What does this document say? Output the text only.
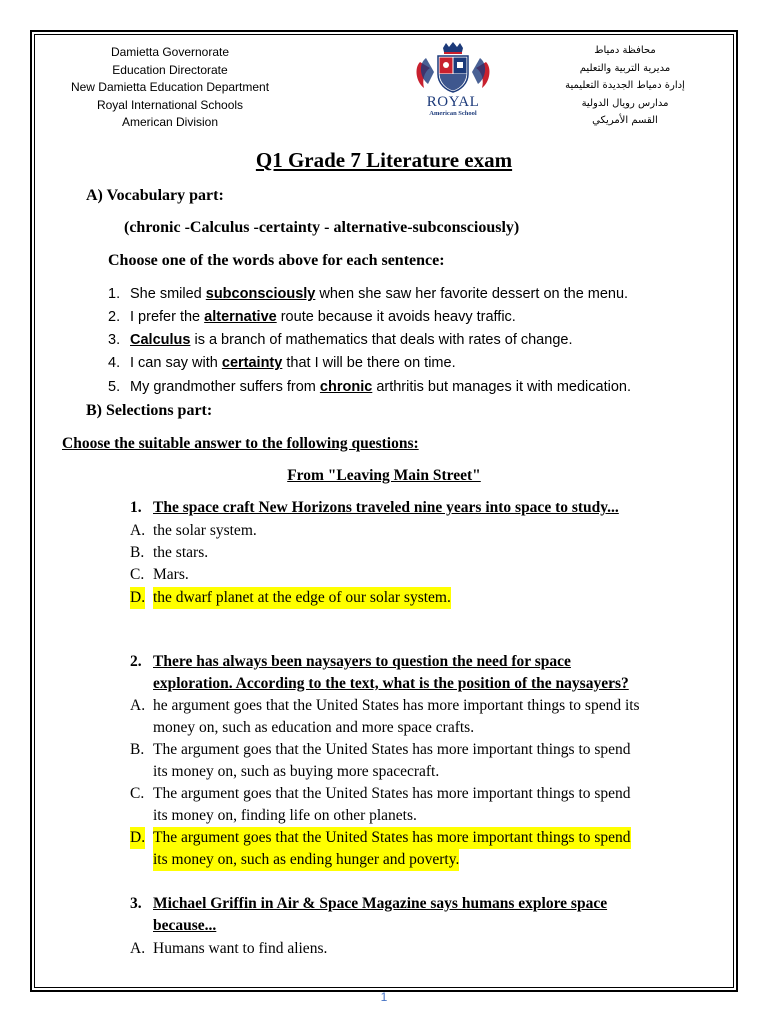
Damietta Governorate
Education Directorate
New Damietta Education Department
Royal International Schools
American Division
ROYAL
American School
محافظة دمياط
مديرية التربية والتعليم
إدارة دمياط الجديدة التعليمية
مدارس رويال الدولية
القسم الأمريكي
Q1 Grade 7 Literature exam
A) Vocabulary part:
(chronic -Calculus -certainty - alternative-subconsciously)
Choose one of the words above for each sentence:
1. She smiled subconsciously when she saw her favorite dessert on the menu.
2. I prefer the alternative route because it avoids heavy traffic.
3. Calculus is a branch of mathematics that deals with rates of change.
4. I can say with certainty that I will be there on time.
5. My grandmother suffers from chronic arthritis but manages it with medication.
B) Selections part:
Choose the suitable answer to the following questions:
From "Leaving Main Street"
1. The space craft New Horizons traveled nine years into space to study...
A. the solar system.
B. the stars.
C. Mars.
D. the dwarf planet at the edge of our solar system.
2. There has always been naysayers to question the need for space
exploration. According to the text, what is the position of the naysayers?
A. he argument goes that the United States has more important things to spend its
money on, such as education and more space crafts.
B. The argument goes that the United States has more important things to spend
its money on, such as buying more spacecraft.
C. The argument goes that the United States has more important things to spend
its money on, finding life on other planets.
D. The argument goes that the United States has more important things to spend
its money on, such as ending hunger and poverty.
3. Michael Griffin in Air & Space Magazine says humans explore space
because...
A. Humans want to find aliens.
1
